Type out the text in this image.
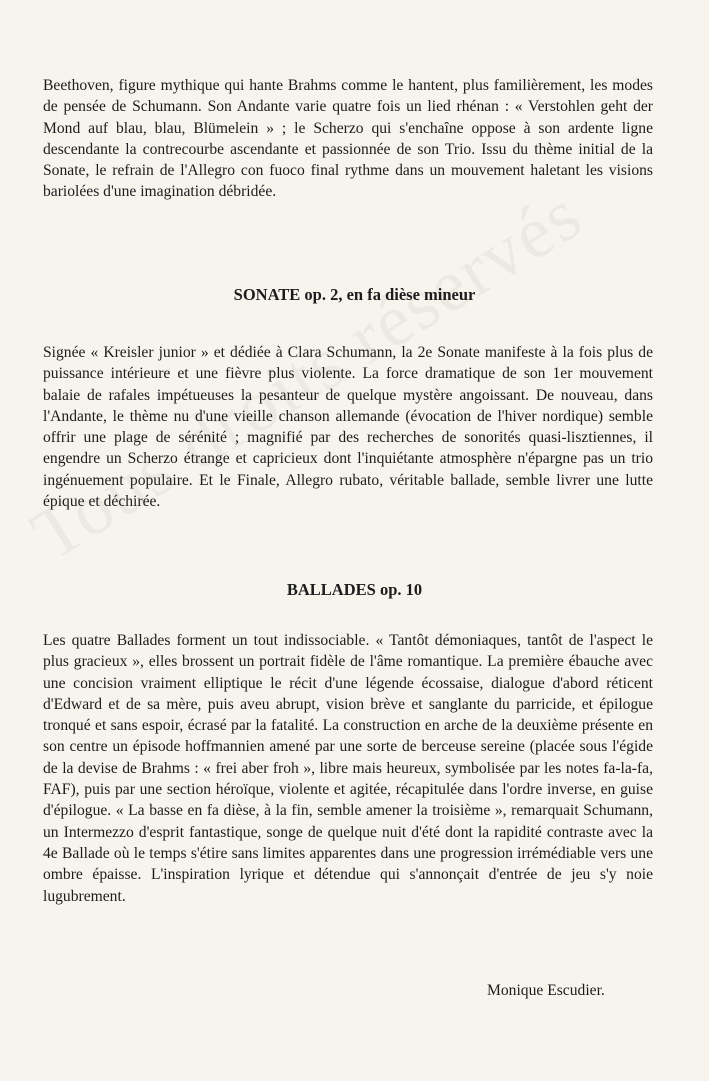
Beethoven, figure mythique qui hante Brahms comme le hantent, plus familièrement, les modes de pensée de Schumann. Son Andante varie quatre fois un lied rhénan : « Verstohlen geht der Mond auf blau, blau, Blümelein » ; le Scherzo qui s'enchaîne oppose à son ardente ligne descendante la contrecourbe ascendante et passionnée de son Trio. Issu du thème initial de la Sonate, le refrain de l'Allegro con fuoco final rythme dans un mouvement haletant les visions bariolées d'une imagination débridée.

SONATE op. 2, en fa dièse mineur

Signée « Kreisler junior » et dédiée à Clara Schumann, la 2e Sonate manifeste à la fois plus de puissance intérieure et une fièvre plus violente. La force dramatique de son 1er mouvement balaie de rafales impétueuses la pesanteur de quelque mystère angoissant. De nouveau, dans l'Andante, le thème nu d'une vieille chanson allemande (évocation de l'hiver nordique) semble offrir une plage de sérénité ; magnifié par des recherches de sonorités quasi-lisztiennes, il engendre un Scherzo étrange et capricieux dont l'inquiétante atmosphère n'épargne pas un trio ingénuement populaire. Et le Finale, Allegro rubato, véritable ballade, semble livrer une lutte épique et déchirée.

BALLADES op. 10

Les quatre Ballades forment un tout indissociable. « Tantôt démoniaques, tantôt de l'aspect le plus gracieux », elles brossent un portrait fidèle de l'âme romantique. La première ébauche avec une concision vraiment elliptique le récit d'une légende écossaise, dialogue d'abord réticent d'Edward et de sa mère, puis aveu abrupt, vision brève et sanglante du parricide, et épilogue tronqué et sans espoir, écrasé par la fatalité. La construction en arche de la deuxième présente en son centre un épisode hoffmannien amené par une sorte de berceuse sereine (placée sous l'égide de la devise de Brahms : « frei aber froh », libre mais heureux, symbolisée par les notes fa-la-fa, FAF), puis par une section héroïque, violente et agitée, récapitulée dans l'ordre inverse, en guise d'épilogue. « La basse en fa dièse, à la fin, semble amener la troisième », remarquait Schumann, un Intermezzo d'esprit fantastique, songe de quelque nuit d'été dont la rapidité contraste avec la 4e Ballade où le temps s'étire sans limites apparentes dans une progression irrémédiable vers une ombre épaisse. L'inspiration lyrique et détendue qui s'annonçait d'entrée de jeu s'y noie lugubrement.

Monique Escudier.
